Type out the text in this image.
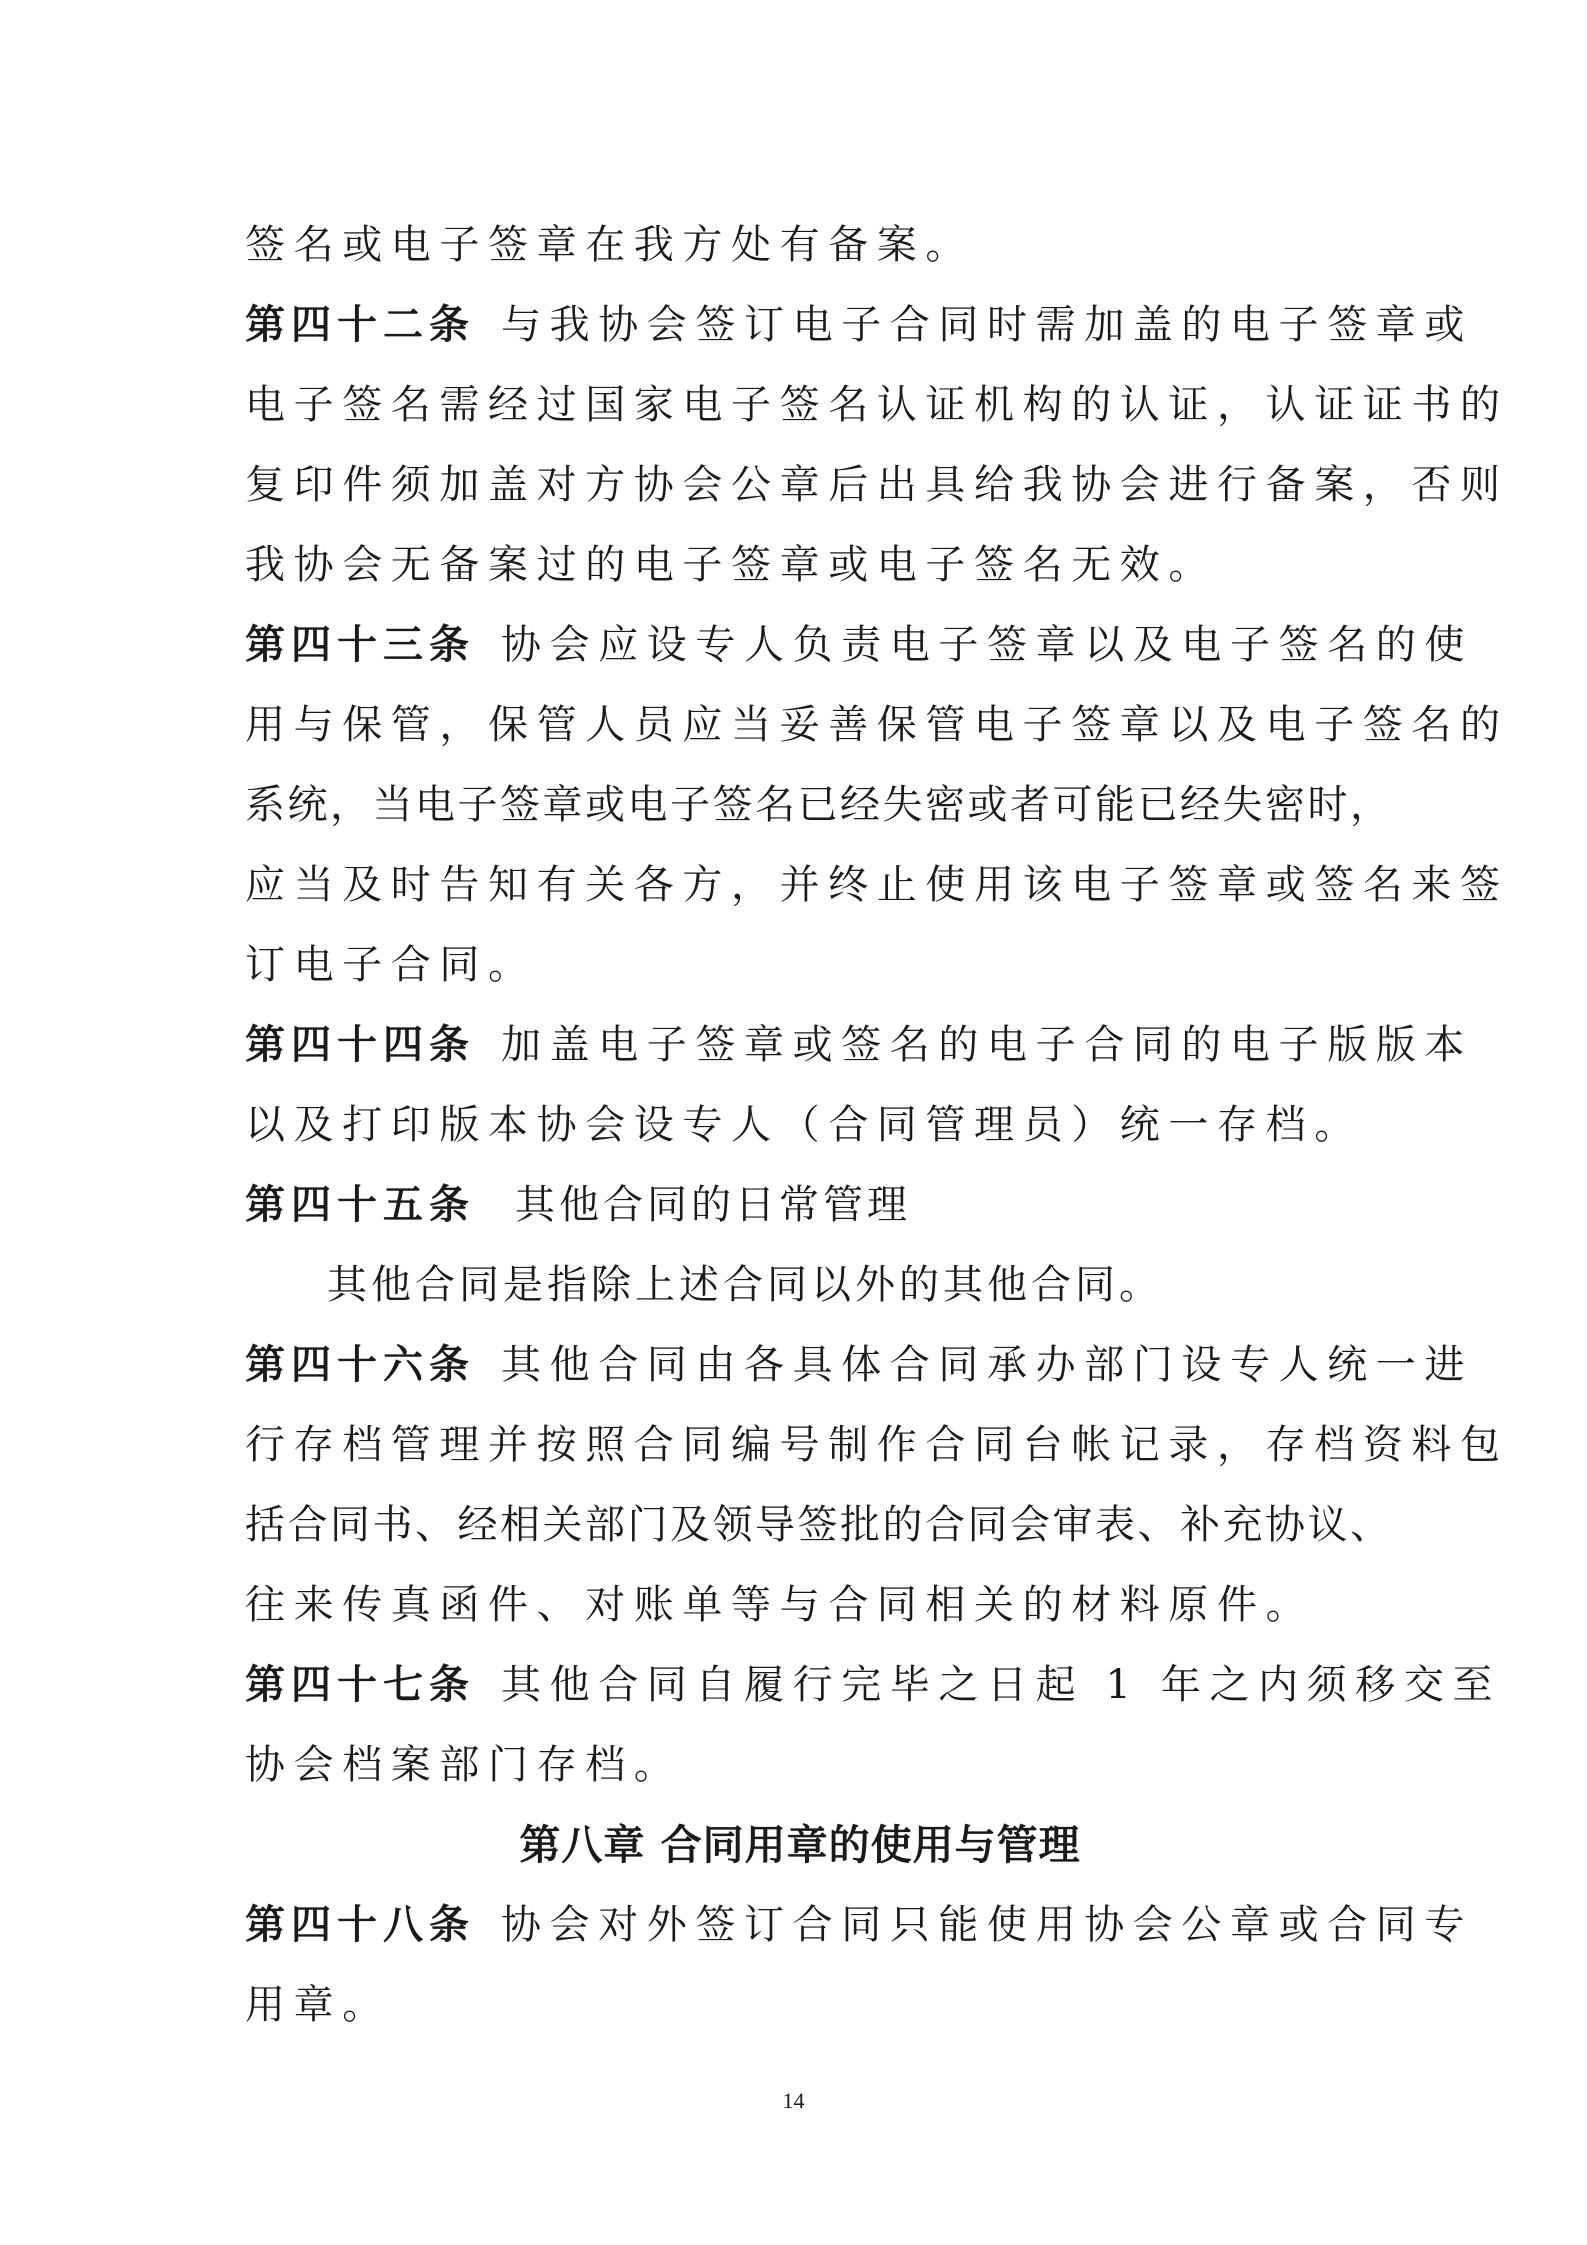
签名或电子签章在我方处有备案。
第四十二条 与我协会签订电子合同时需加盖的电子签章或
电子签名需经过国家电子签名认证机构的认证，认证证书的
复印件须加盖对方协会公章后出具给我协会进行备案，否则
我协会无备案过的电子签章或电子签名无效。
第四十三条 协会应设专人负责电子签章以及电子签名的使
用与保管，保管人员应当妥善保管电子签章以及电子签名的
系统，当电子签章或电子签名已经失密或者可能已经失密时，
应当及时告知有关各方，并终止使用该电子签章或签名来签
订电子合同。
第四十四条 加盖电子签章或签名的电子合同的电子版版本
以及打印版本协会设专人（合同管理员）统一存档。
第四十五条 其他合同的日常管理
其他合同是指除上述合同以外的其他合同。
第四十六条 其他合同由各具体合同承办部门设专人统一进
行存档管理并按照合同编号制作合同台帐记录，存档资料包
括合同书、经相关部门及领导签批的合同会审表、补充协议、
往来传真函件、对账单等与合同相关的材料原件。
第四十七条 其他合同自履行完毕之日起 1 年之内须移交至
协会档案部门存档。
第八章 合同用章的使用与管理
第四十八条 协会对外签订合同只能使用协会公章或合同专
用章。
14
